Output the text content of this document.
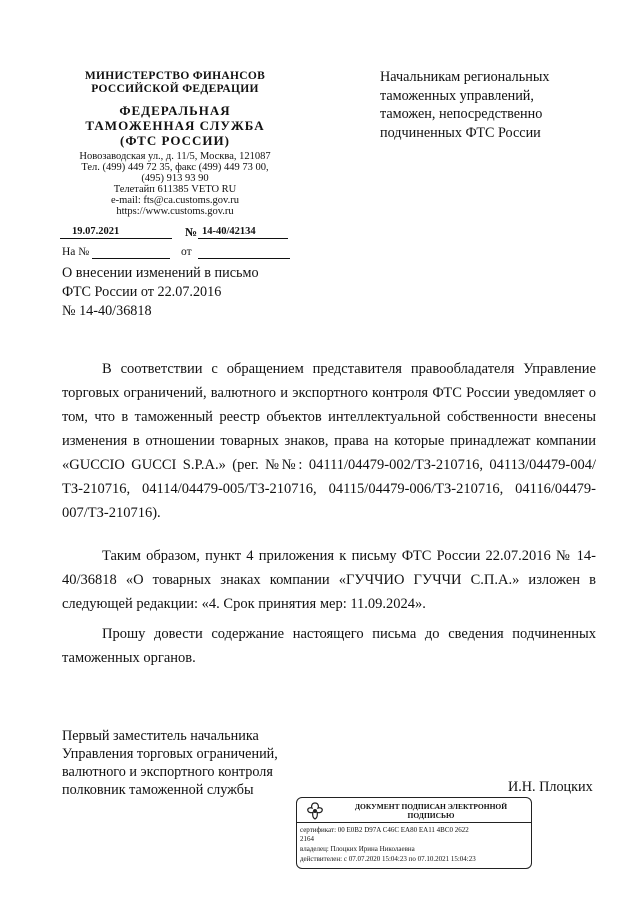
МИНИСТЕРСТВО ФИНАНСОВ
РОССИЙСКОЙ ФЕДЕРАЦИИ
ФЕДЕРАЛЬНАЯ
ТАМОЖЕННАЯ СЛУЖБА
(ФТС РОССИИ)
Новозаводская ул., д. 11/5, Москва, 121087
Тел. (499) 449 72 35, факс (499) 449 73 00,
(495) 913 93 90
Телетайп 611385 VETO RU
e-mail: fts@ca.customs.gov.ru
https://www.customs.gov.ru
19.07.2021	№ 14-40/42134
На №	от
Начальникам региональных
таможенных управлений,
таможен, непосредственно
подчиненных ФТС России
О внесении изменений в письмо
ФТС России от 22.07.2016
№ 14-40/36818

В соответствии с обращением представителя правообладателя Управление торговых ограничений, валютного и экспортного контроля ФТС России уведомляет о том, что в таможенный реестр объектов интеллектуальной собственности внесены изменения в отношении товарных знаков, права на которые принадлежат компании «GUCCIO GUCCI S.P.A.» (рег. №№: 04111/04479-002/ТЗ-210716, 04113/04479-004/ТЗ-210716, 04114/04479-005/ТЗ-210716, 04115/04479-006/ТЗ-210716, 04116/04479-007/ТЗ-210716).

Таким образом, пункт 4 приложения к письму ФТС России 22.07.2016 № 14-40/36818 «О товарных знаках компании «ГУЧЧИО ГУЧЧИ С.П.А.» изложен в следующей редакции: «4. Срок принятия мер: 11.09.2024».

Прошу довести содержание настоящего письма до сведения подчиненных таможенных органов.

Первый заместитель начальника
Управления торговых ограничений,
валютного и экспортного контроля
полковник таможенной службы	И.Н. Плоцких
ДОКУМЕНТ ПОДПИСАН ЭЛЕКТРОННОЙ
ПОДПИСЬЮ
сертификат: 00 E0B2 D97A C46C EA80 EA11 4BC0 2622
2164
владелец: Плоцких Ирина Николаевна
действителен: с 07.07.2020 15:04:23 по 07.10.2021 15:04:23
